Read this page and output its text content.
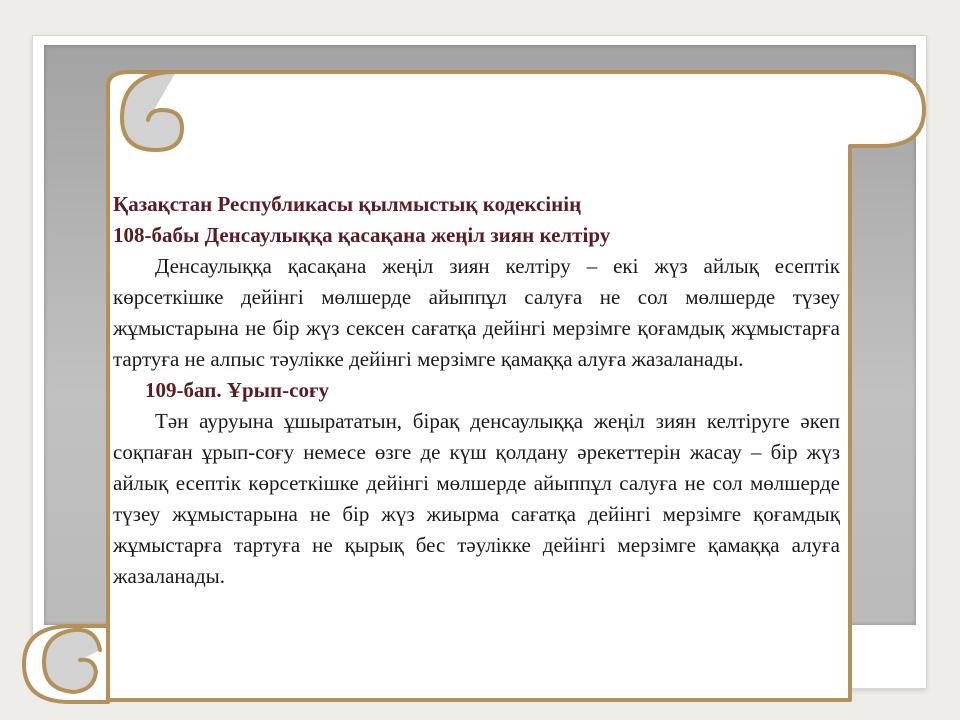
Қазақстан Республикасы қылмыстық кодексінің

108-бабы Денсаулыққа қасақана жеңіл зиян келтіру

Денсаулыққа қасақана жеңіл зиян келтіру – екі жүз айлық есептік көрсеткішке дейінгі мөлшерде айыппұл салуға не сол мөлшерде түзеу жұмыстарына не бір жүз сексен сағатқа дейінгі мерзімге қоғамдық жұмыстарға тартуға не алпыс тәулікке дейінгі мерзімге қамаққа алуға жазаланады.

109-бап. Ұрып-соғу

Тән ауруына ұшырататын, бірақ денсаулыққа жеңіл зиян келтіруге әкеп соқпаған ұрып-соғу немесе өзге де күш қолдану әрекеттерін жасау – бір жүз айлық есептік көрсеткішке дейінгі мөлшерде айыппұл салуға не сол мөлшерде түзеу жұмыстарына не бір жүз жиырма сағатқа дейінгі мерзімге қоғамдық жұмыстарға тартуға не қырық бес тәулікке дейінгі мерзімге қамаққа алуға жазаланады.
